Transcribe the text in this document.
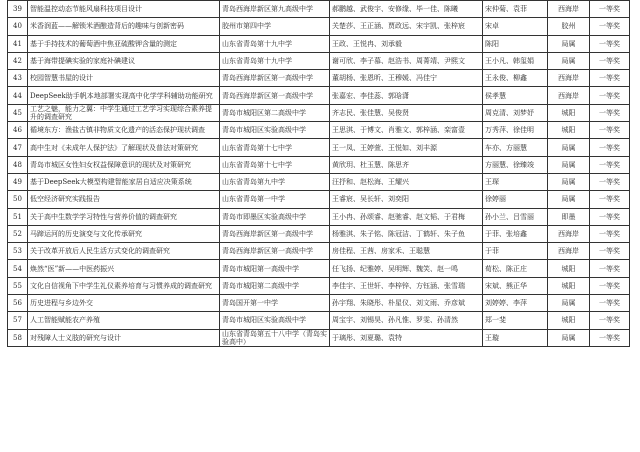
39	智能温控动态节能风扇科技项目设计	青岛西海岸新区第九高级中学	郝鹏越、武俊宇、安修缘、毕一佳、陈曦	宋仲菊、袁菲	西海岸	一等奖
40	米香润蓝——解锁米酒酿造背后的趣味与创新密码	胶州市第四中学	关楚莎、王正涵、贾政远、宋宇凯、张梓宸	宋卓	胶州	一等奖
41	基于手持技术的葡萄酒中焦亚硫酸钾含量的测定	山东省青岛第十九中学	王政、王悦冉、刘承毅	陈阳	局属	一等奖
42	基于海带提碘实验的家庭补碘建议	山东省青岛第十九中学	谢可欣、李子慕、赵浩书、周菁靖、尹熙文	王小凡、韩玺娟	局属	一等奖
43	校园智慧书屋的设计	青岛西海岸新区第一高级中学	董胡杨、张恩昕、王穆媛、冯佳宁	王永俊、柳鑫	西海岸	一等奖
44	DeepSeek助手帆本地部署实现高中化学学科辅助功能研究	青岛西海岸新区第一高级中学	张嘉宏、李佳蕊、郭晗潇	侯孝慧	西海岸	一等奖
45	工艺之魅，能力之翼：中学生通过工艺学习实现综合素养提升的调查研究	青岛市城阳区第二高级中学	齐志民、张佳慧、吴俊贤	周克清、刘梦妤	城阳	一等奖
46	循境东方：渔盐古镇非物质文化遗产的活态保护现状调查	青岛市城阳区实验高级中学	王思淇、于博文、肖雅文、郭梓涵、栾富壹	万秀萍、徐佳明	城阳	一等奖
47	高中生对《未成年人保护法》了解现状及普法对策研究	山东省青岛第十七中学	王一凤、王婷萱、王悦如、刘丰源	车亦、方丽慧	局属	一等奖
48	青岛市城区女性妇女权益保障意识的现状及对策研究	山东省青岛第十七中学	黄欣玥、杜玉慧、陈思齐	方丽慧、徐臻竣	局属	一等奖
49	基于DeepSeek大模型构建智能家居自适应决策系统	山东省青岛第九中学	汪抒和、赵松海、王耀兴	王琛	局属	一等奖
50	低空经济研究实践报告	山东省青岛第一中学	王睿宸、吴长轩、刘奕阳	徐婷丽	局属	一等奖
51	关于高中生数学学习特性与营养价值的调查研究	青岛市即墨区实验高级中学	王小冉、孙颂睿、赵驰睿、赵文韬、于君梅	孙小兰、吕雪丽	即墨	一等奖
52	马蹄运河的历史演变与文化传承研究	青岛西海岸新区第一高级中学	杨雅淇、朱子铭、陈冠洁、丁鹤轩、朱子鱼	于菲、张培鑫	西海岸	一等奖
53	关于改革开放后人民生活方式变化的调查研究	青岛西海岸新区第一高级中学	房佳程、王茜、房家禾、王聪慧	于菲	西海岸	一等奖
54	焕然“医”新——中医药振兴	青岛市城阳第一高级中学	任飞扬、纪雅婷、吴明辉、魏笑、赵一鸣	荀松、陈正庄	城阳	一等奖
55	文化自信视角下中学生礼仪素养培育与习惯养成的调查研究	青岛市城阳第二高级中学	李佳宇、王世轩、李梓锌、方钰涵、张雪瑞	宋斌、熊正华	城阳	一等奖
56	历史进程与乡边外交	青岛国开第一中学	孙宇翔、朱晓彤、朴星仪、刘文雨、乔彦斌	刘婷婷、李萍	局属	一等奖
57	人工智能赋能农产养殖	青岛市城阳区实验高级中学	周宝宇、刘锡昊、孙凡惟、罗雯、孙清然	郑一斐	城阳	一等奖
58	对残障人士义肢的研究与设计	山东省青岛第五十八中学（青岛实验高中）	于璃彤、刘夏璐、袁特	王璇	局属	一等奖
